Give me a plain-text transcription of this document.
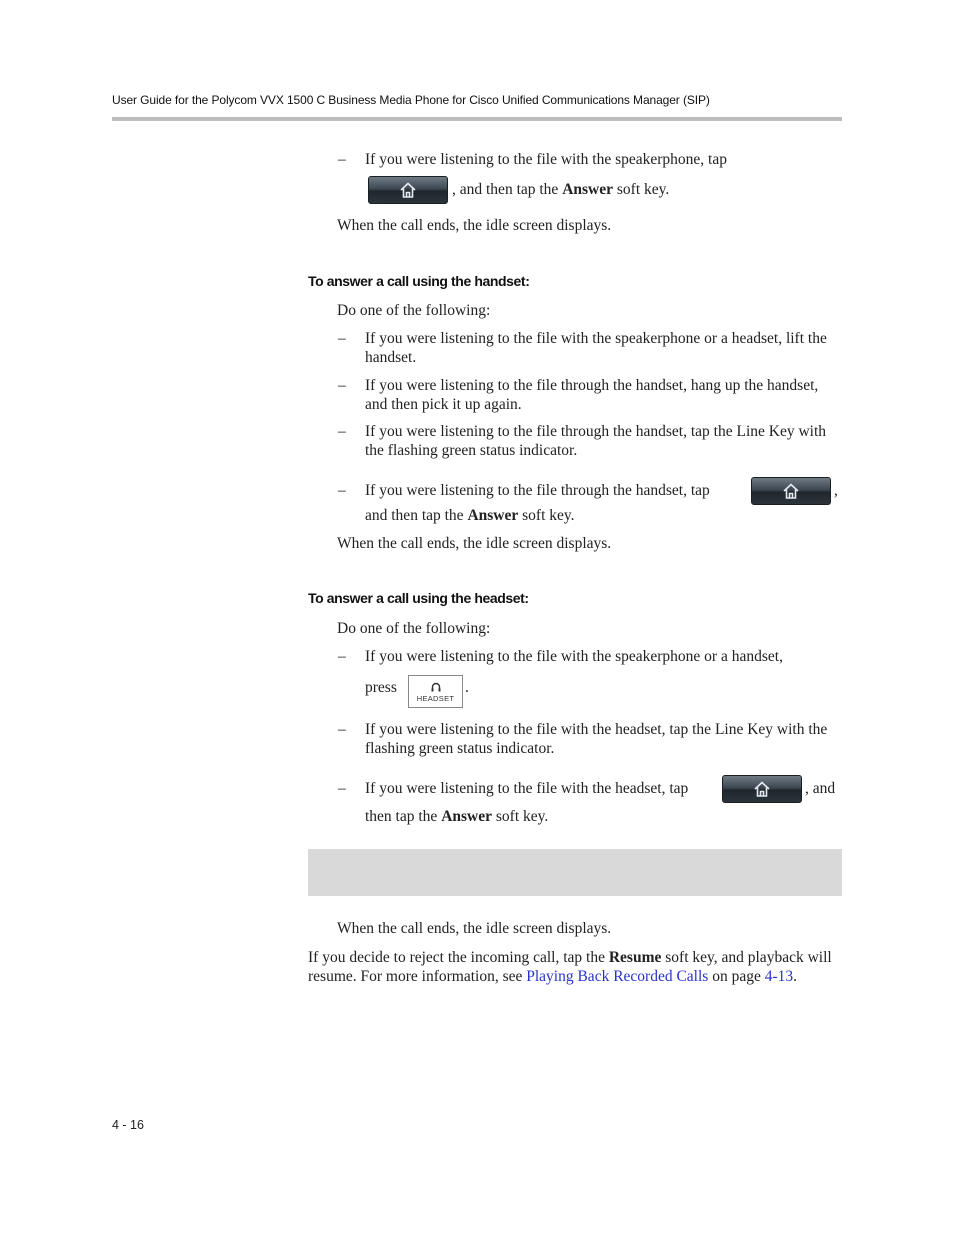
User Guide for the Polycom VVX 1500 C Business Media Phone for Cisco Unified Communications Manager (SIP)
– If you were listening to the file with the speakerphone, tap
, and then tap the Answer soft key.
When the call ends, the idle screen displays.
To answer a call using the handset:
Do one of the following:
– If you were listening to the file with the speakerphone or a headset, lift the handset.
– If you were listening to the file through the handset, hang up the handset, and then pick it up again.
– If you were listening to the file through the handset, tap the Line Key with the flashing green status indicator.
– If you were listening to the file through the handset, tap	,
and then tap the Answer soft key.
When the call ends, the idle screen displays.
To answer a call using the headset:
Do one of the following:
– If you were listening to the file with the speakerphone or a handset,
press
HEADSET
.
– If you were listening to the file with the headset, tap the Line Key with the flashing green status indicator.
– If you were listening to the file with the headset, tap	, and
then tap the Answer soft key.
When the call ends, the idle screen displays.
If you decide to reject the incoming call, tap the Resume soft key, and playback will resume. For more information, see Playing Back Recorded Calls on page 4-13.
4 - 16
